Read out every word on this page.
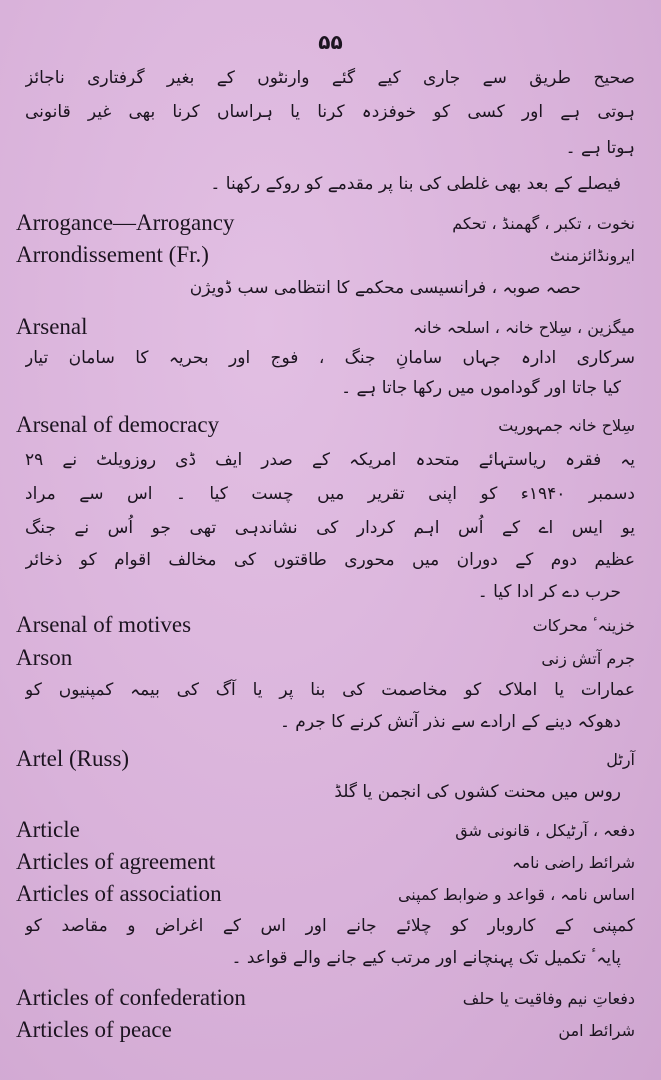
۵۵
صحیح طریق سے جاری کیے گئے وارنٹوں کے بغیر گرفتاری ناجائز
ہوتی ہے اور کسی کو خوفزدہ کرنا یا ہراساں کرنا بھی غیر قانونی
ہوتا ہے ۔
فیصلے کے بعد بھی غلطی کی بنا پر مقدمے کو روکے رکھنا ۔
Arrogance—Arrogancy	نخوت ، تکبر ، گھمنڈ ، تحکم
Arrondissement (Fr.)	ایرونڈائزمنٹ
حصہ صوبہ ، فرانسیسی محکمے کا انتظامی سب ڈویژن
Arsenal	میگزین ، سِلاح خانہ ، اسلحہ خانہ
سرکاری ادارہ جہاں سامانِ جنگ ، فوج اور بحریہ کا سامان تیار
کیا جاتا اور گوداموں میں رکھا جاتا ہے ۔
Arsenal of democracy	سِلاح خانہ جمہوریت
یہ فقرہ ریاستہائے متحدہ امریکہ کے صدر ایف ڈی روزویلٹ نے ۲۹
دسمبر ۱۹۴۰ء کو اپنی تقریر میں چست کیا ۔ اس سے مراد
یو ایس اے کے اُس اہم کردار کی نشاندہی تھی جو اُس نے جنگ
عظیم دوم کے دوران میں محوری طاقتوں کی مخالف اقوام کو ذخائر
حرب دے کر ادا کیا ۔
Arsenal of motives	خزینہٴ محرکات
Arson	جرم آتش زنی
عمارات یا املاک کو مخاصمت کی بنا پر یا آگ کی بیمہ کمپنیوں کو
دھوکہ دینے کے ارادے سے نذر آتش کرنے کا جرم ۔
Artel (Russ)	آرٹل
روس میں محنت کشوں کی انجمن یا گلڈ
Article	دفعہ ، آرٹیکل ، قانونی شق
Articles of agreement	شرائط راضی نامہ
Articles of association	اساس نامہ ، قواعد و ضوابط کمپنی
کمپنی کے کاروبار کو چلائے جانے اور اس کے اغراض و مقاصد کو
پایہٴ تکمیل تک پہنچانے اور مرتب کیے جانے والے قواعد ۔
Articles of confederation	دفعاتِ نیم وفاقیت یا حلف
Articles of peace	شرائط امن
